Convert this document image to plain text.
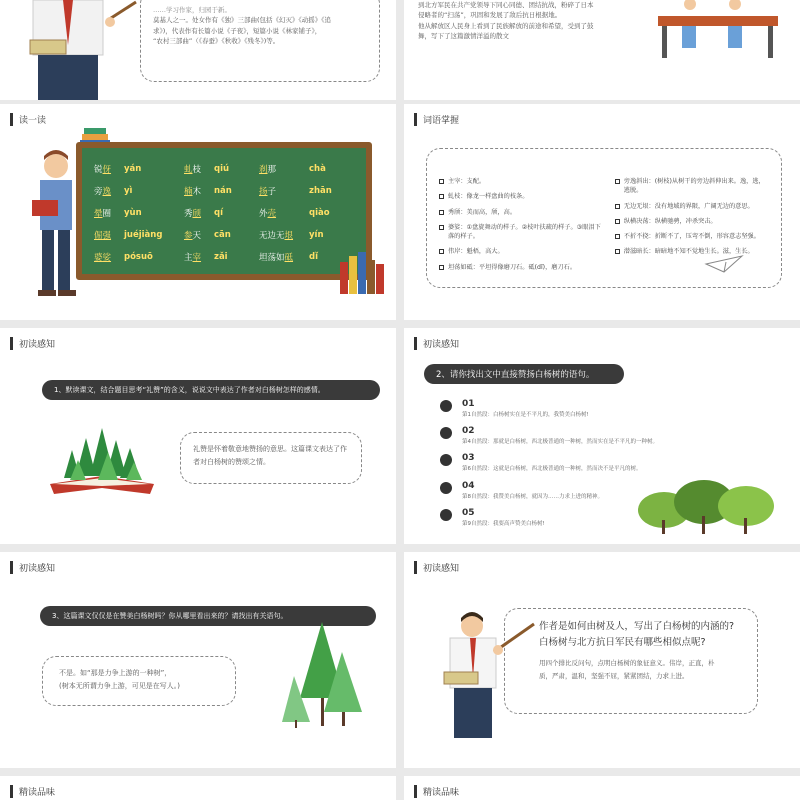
……学习作家，归园于新。
莫基人之一。处女作有《独》三部曲(包括《幻灭》《动摇》《追
求》)，代表作有长篇小说《子夜》，短篇小说《林家铺子》，
“农村三部曲”（《春蚕》《秋收》《残冬》)等。
到北方军民在共产党领导下同心同德、团结抗战，粉碎了日本
侵略者的“扫荡”，巩固和发展了敌后抗日根据地。
他从解放区人民身上看到了民族解放的前途和希望，受到了鼓
舞，写下了这篇激情洋溢的散文
读一读
锐伢	yán	虬枝	qiú	刹那	chà
旁逸	yì	楠木	nán	扬子	zhān
晕圈	yùn	秀颀	qí	外壳	qiào
倔强	juéjiàng	参天	cān	无边无垠	yín
婆娑	pósuō	主宰	zǎi	坦荡如砥	dǐ
词语掌握
主宰：支配。
虬枝：像龙一样盘曲的枝条。
秀颀：美而高，颀，高。
婆娑：①盘旋舞动的样子。②枝叶扶疏的样子。③眼泪下落的样子。
伟岸：魁梧，高大。
坦荡如砥：平坦得像磨刀石。砥(dǐ)，磨刀石。
旁逸斜出：(树枝)从树干的旁边斜伸出来。逸，逃，逃脱。
无边无垠：没有地域的界限，广阔无边的意思。
纵横决荡：纵横驰骋，冲杀突击。
不折不挠：折断不了，压弯不倒，形容意志坚强。
潜滋暗长：暗暗地不知不觉地生长。滋，生长。
初读感知
1、默读课文，结合题目思考“礼赞”的含义，说说文中表达了作者对白杨树怎样的感情。
礼赞是怀着敬意地赞扬的意思。这篇课文表达了作者对白杨树的赞颂之情。
初读感知
2、请你找出文中直接赞扬白杨树的语句。
01
第1自然段：白杨树实在是不平凡的，我赞美白杨树!
02
第4自然段：那就是白杨树，西北极普通的一种树，然而实在是不平凡的一种树。
03
第6自然段：这就是白杨树，西北极普通的一种树，然而决不是平凡的树。
04
第8自然段：我赞美白杨树，就因为……力求上进的精神。
05
第9自然段：我要高声赞美白杨树!
初读感知
3、这篇课文仅仅是在赞美白杨树吗？你从哪里看出来的？请找出有关语句。
不是。如“那是力争上游的一种树”，
(树本无所谓力争上游，可见是在写人。)
初读感知
作者是如何由树及人，写出了白杨树的内涵的?
白杨树与北方抗日军民有哪些相似点呢?
用四个排比反问句，点明白杨树的象征意义。伟岸，正直，朴质，严肃，温和，坚强不屈，紧紧团结，力求上进。
精读品味	精读品味
